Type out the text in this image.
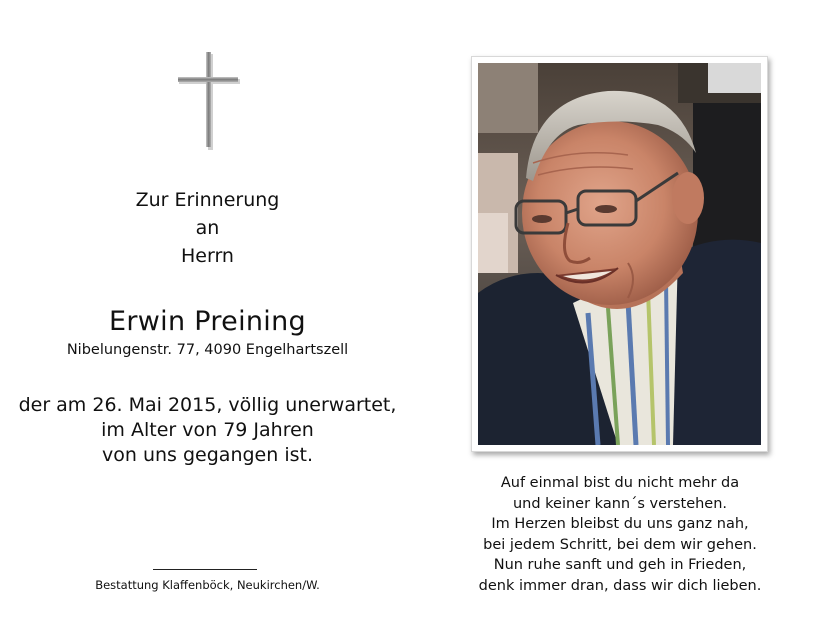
Zur Erinnerung
an
Herrn
Erwin Preining
Nibelungenstr. 77, 4090 Engelhartszell
der am 26. Mai 2015, völlig unerwartet,
im Alter von 79 Jahren
von uns gegangen ist.
Bestattung Klaffenböck, Neukirchen/W.
Auf einmal bist du nicht mehr da
und keiner kann´s verstehen.
Im Herzen bleibst du uns ganz nah,
bei jedem Schritt, bei dem wir gehen.
Nun ruhe sanft und geh in Frieden,
denk immer dran, dass wir dich lieben.
